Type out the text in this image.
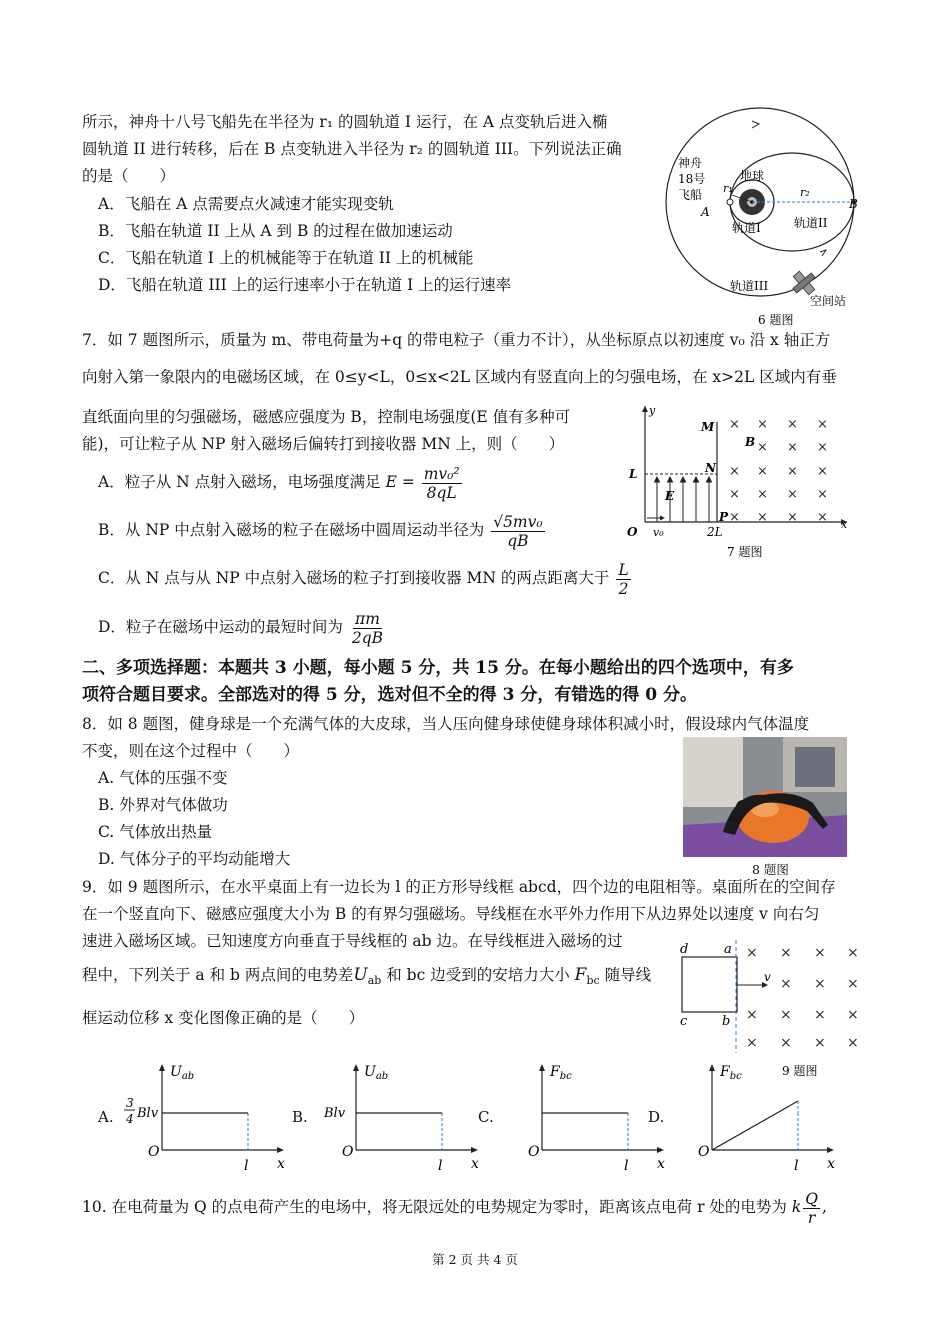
所示，神舟十八号飞船先在半径为 r₁ 的圆轨道 I 运行，在 A 点变轨后进入椭
圆轨道 II 进行转移，后在 B 点变轨进入半径为 r₂ 的圆轨道 III。下列说法正确
的是（　　）
A．飞船在 A 点需要点火减速才能实现变轨
B．飞船在轨道 II 上从 A 到 B 的过程在做加速运动
C．飞船在轨道 I 上的机械能等于在轨道 II 上的机械能
D．飞船在轨道 III 上的运行速率小于在轨道 I 上的运行速率
神舟
18号
飞船
A
B
地球
r₁	r₂
轨道I	轨道II
轨道III
空间站
6 题图
7．如 7 题图所示，质量为 m、带电荷量为+q 的带电粒子（重力不计），从坐标原点以初速度 v₀ 沿 x 轴正方
向射入第一象限内的电磁场区域，在 0≤y<L，0≤x<2L 区域内有竖直向上的匀强电场，在 x>2L 区域内有垂
直纸面向里的匀强磁场，磁感应强度为 B，控制电场强度(E 值有多种可
能)，可让粒子从 NP 射入磁场后偏转打到接收器 MN 上，则（　　）
A．粒子从 N 点射入磁场，电场强度满足 $E = \frac{\text{mv₀²}}{8qL}$
B．从 NP 中点射入磁场的粒子在磁场中圆周运动半径为 $\frac{\text{√5mv₀}}{qB}$
C．从 N 点与从 NP 中点射入磁场的粒子打到接收器 MN 的两点距离大于 $\frac{L}{2}$
D．粒子在磁场中运动的最短时间为 $\frac{\pi m}{2qB}$
× × × ×
× × ×
× × × ×
× × × ×
× × × ×
y
x
M
B
N
P
L
E
O v₀	2L
7 题图
二、多项选择题：本题共 3 小题，每小题 5 分，共 15 分。在每小题给出的四个选项中，有多
项符合题目要求。全部选对的得 5 分，选对但不全的得 3 分，有错选的得 0 分。
8．如 8 题图，健身球是一个充满气体的大皮球，当人压向健身球使健身球体积减小时，假设球内气体温度
不变，则在这个过程中（　　）
A. 气体的压强不变
B. 外界对气体做功
C. 气体放出热量
D. 气体分子的平均动能增大
8 题图
9．如 9 题图所示，在水平桌面上有一边长为 l 的正方形导线框 abcd，四个边的电阻相等。桌面所在的空间存
在一个竖直向下、磁感应强度大小为 B 的有界匀强磁场。导线框在水平外力作用下从边界处以速度 v 向右匀
速进入磁场区域。已知速度方向垂直于导线框的 ab 边。在导线框进入磁场的过
程中，下列关于 a 和 b 两点间的电势差$U_{ab}$ 和 bc 边受到的安培力大小 $F_{bc}$ 随导线
框运动位移 x 变化图像正确的是（　　）
× × × ×
× × ×
× × × ×
× × × ×
d	a
c	b
v
9 题图
A.
$U_{ab}$
O
l x
3
4 Blv	B.
$U_{ab}$
O
l x
Blv	C.
$F_{bc}$
O
l x
D.
$F_{bc}$
O
l x
10. 在电荷量为 Q 的点电荷产生的电场中，将无限远处的电势规定为零时，距离该点电荷 r 处的电势为 k $\frac{Q}{r}$ ,
第 2 页 共 4 页
